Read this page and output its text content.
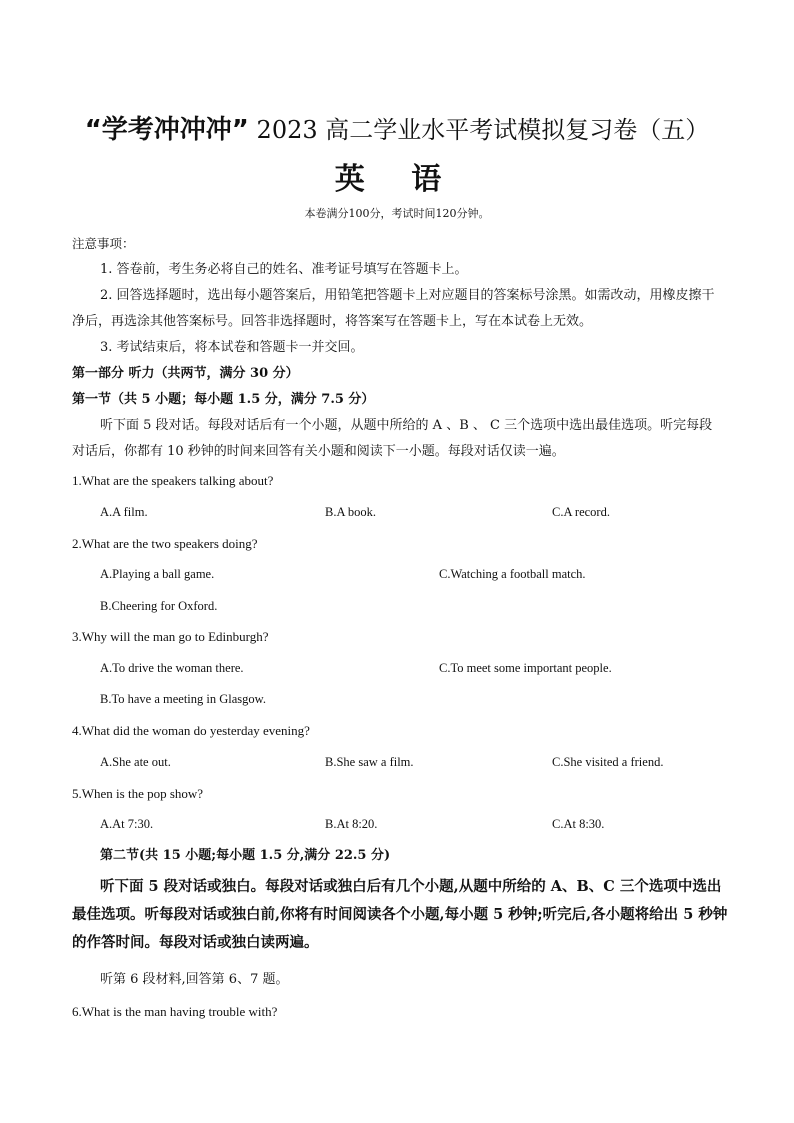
“学考冲冲冲” 2023 高二学业水平考试模拟复习卷（五）
英 语
本卷满分100分，考试时间120分钟。
注意事项：
1. 答卷前，考生务必将自己的姓名、准考证号填写在答题卡上。
2. 回答选择题时，选出每小题答案后，用铅笔把答题卡上对应题目的答案标号涂黑。如需改动，用橡皮擦干净后，再选涂其他答案标号。回答非选择题时，将答案写在答题卡上，写在本试卷上无效。
3. 考试结束后，将本试卷和答题卡一并交回。
第一部分 听力（共两节，满分 30 分）
第一节（共 5 小题；每小题 1.5 分，满分 7.5 分）
听下面 5 段对话。每段对话后有一个小题，从题中所给的 A 、B 、 C 三个选项中选出最佳选项。听完每段对话后，你都有 10 秒钟的时间来回答有关小题和阅读下一小题。每段对话仅读一遍。
1.What are the speakers talking about?
A.A film.	B.A book.	C.A record.
2.What are the two speakers doing?
A.Playing a ball game.	C.Watching a football match.
B.Cheering for Oxford.
3.Why will the man go to Edinburgh?
A.To drive the woman there.	C.To meet some important people.
B.To have a meeting in Glasgow.
4.What did the woman do yesterday evening?
A.She ate out.	B.She saw a film.	C.She visited a friend.
5.When is the pop show?
A.At 7:30.	B.At 8:20.	C.At 8:30.
第二节(共 15 小题;每小题 1.5 分,满分 22.5 分)
听下面 5 段对话或独白。每段对话或独白后有几个小题,从题中所给的 A、B、C 三个选项中选出最佳选项。听每段对话或独白前,你将有时间阅读各个小题,每小题 5 秒钟;听完后,各小题将给出 5 秒钟的作答时间。每段对话或独白读两遍。
听第 6 段材料,回答第 6、7 题。
6.What is the man having trouble with?
